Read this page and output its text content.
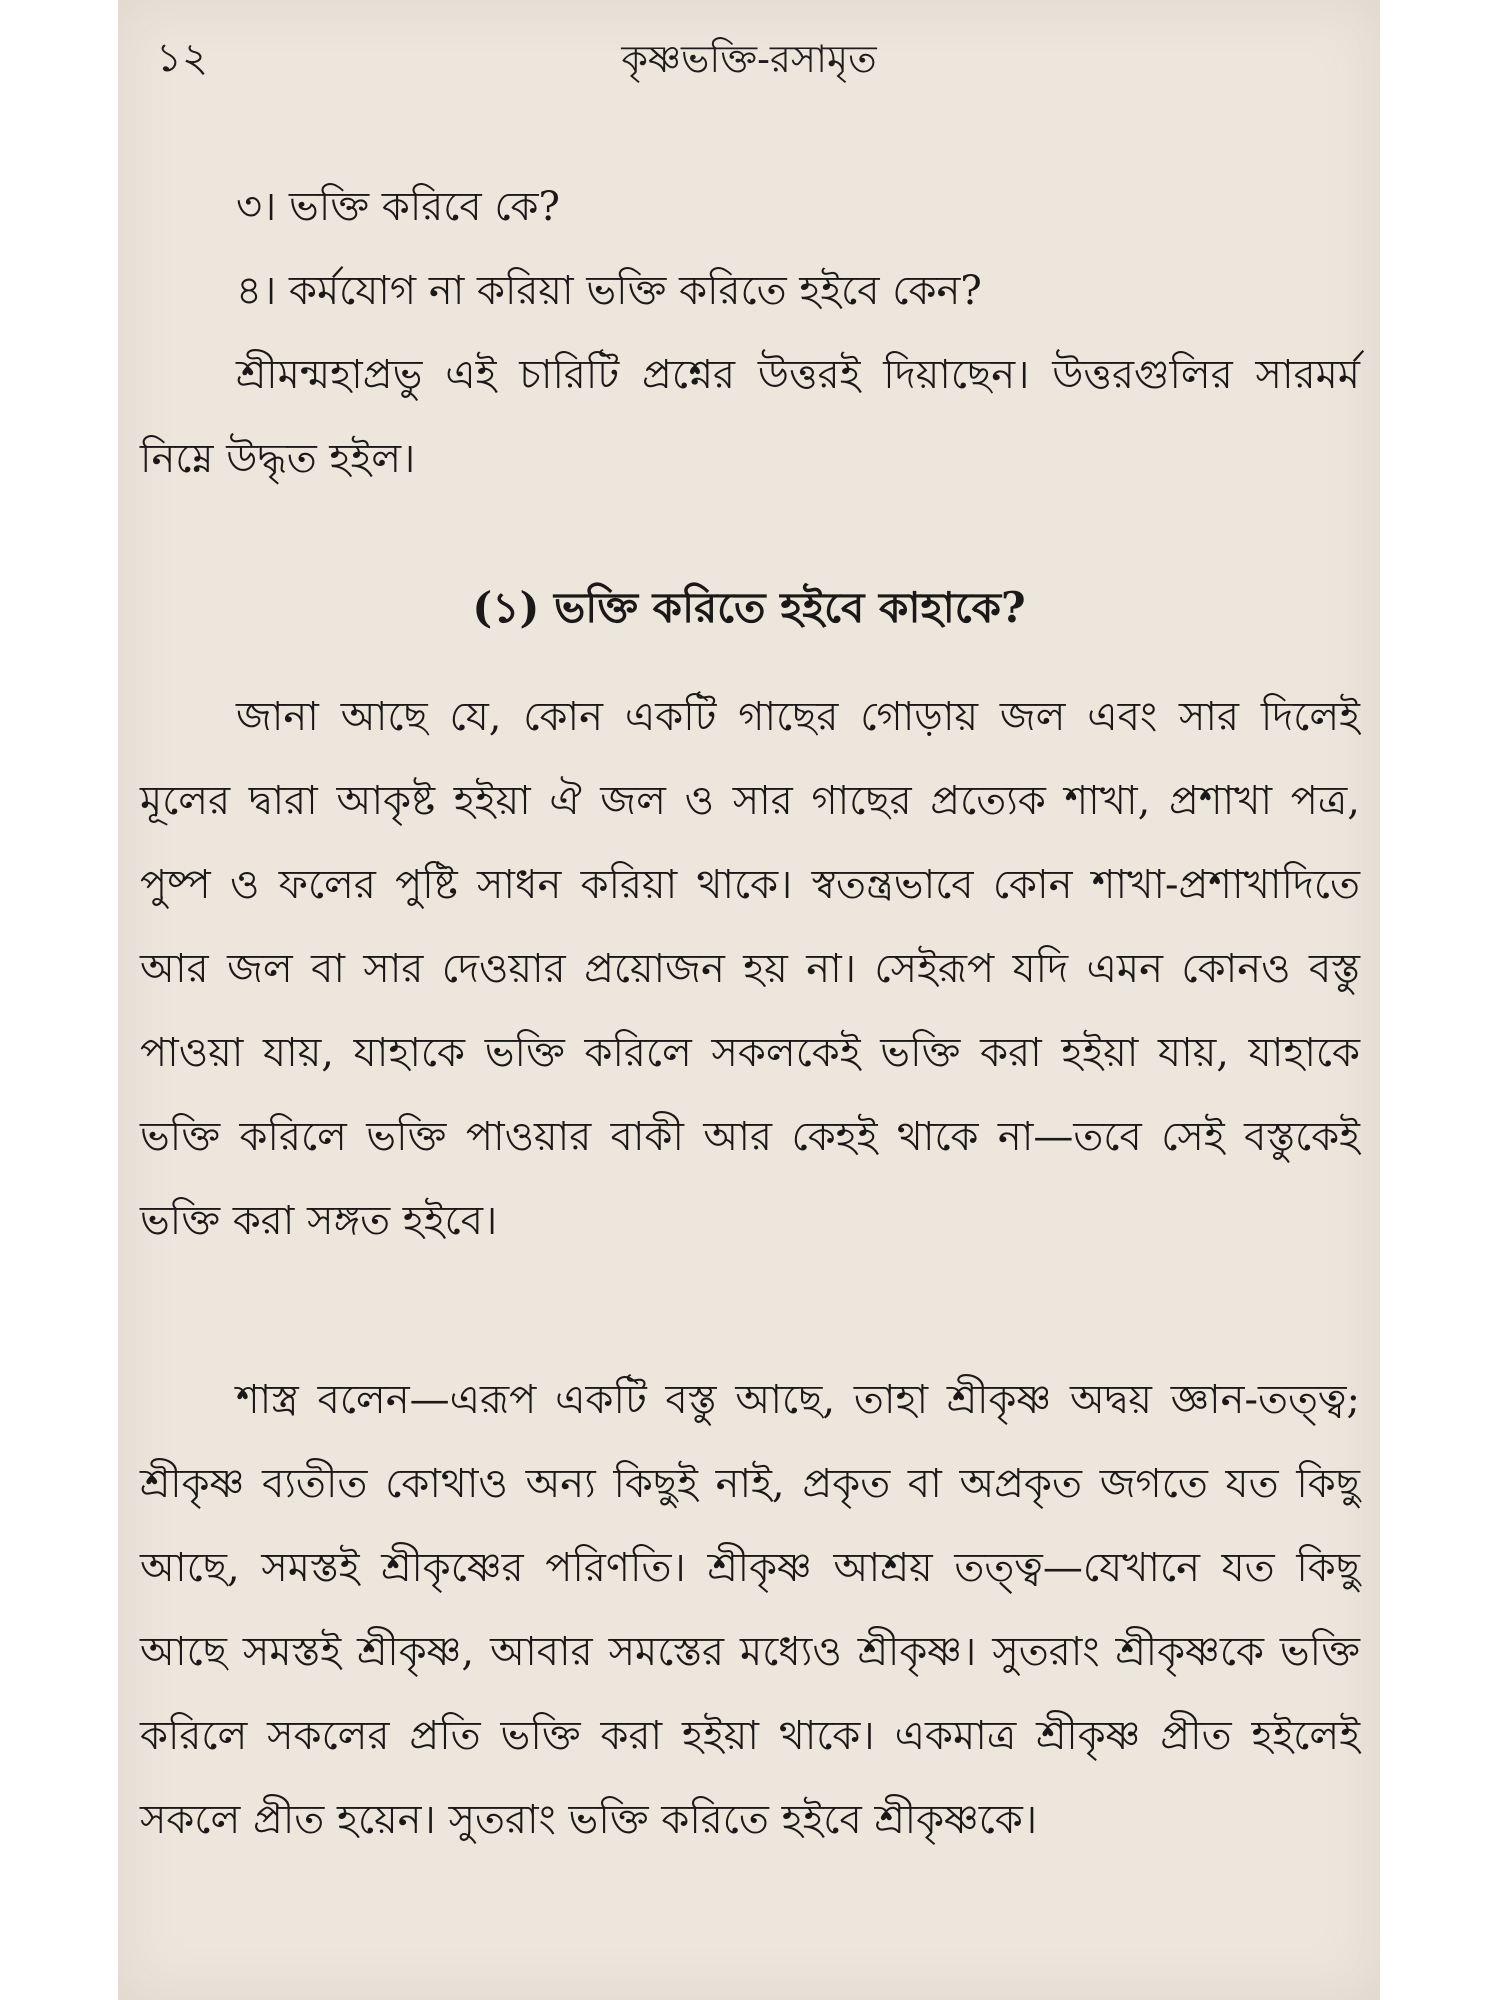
১২	কৃষ্ণভক্তি-রসামৃত

৩। ভক্তি করিবে কে?

৪। কর্মযোগ না করিয়া ভক্তি করিতে হইবে কেন?

শ্রীমন্মহাপ্রভু এই চারিটি প্রশ্নের উত্তরই দিয়াছেন। উত্তরগুলির সারমর্ম নিম্নে উদ্ধৃত হইল।

(১) ভক্তি করিতে হইবে কাহাকে?

জানা আছে যে, কোন একটি গাছের গোড়ায় জল এবং সার দিলেই মূলের দ্বারা আকৃষ্ট হইয়া ঐ জল ও সার গাছের প্রত্যেক শাখা, প্রশাখা পত্র, পুষ্প ও ফলের পুষ্টি সাধন করিয়া থাকে। স্বতন্ত্রভাবে কোন শাখা-প্রশাখাদিতে আর জল বা সার দেওয়ার প্রয়োজন হয় না। সেইরূপ যদি এমন কোনও বস্তু পাওয়া যায়, যাহাকে ভক্তি করিলে সকলকেই ভক্তি করা হইয়া যায়, যাহাকে ভক্তি করিলে ভক্তি পাওয়ার বাকী আর কেহই থাকে না—তবে সেই বস্তুকেই ভক্তি করা সঙ্গত হইবে।

শাস্ত্র বলেন—এরূপ একটি বস্তু আছে, তাহা শ্রীকৃষ্ণ অদ্বয় জ্ঞান-তত্ত্ব; শ্রীকৃষ্ণ ব্যতীত কোথাও অন্য কিছুই নাই, প্রকৃত বা অপ্রকৃত জগতে যত কিছু আছে, সমস্তই শ্রীকৃষ্ণের পরিণতি। শ্রীকৃষ্ণ আশ্রয় তত্ত্ব—যেখানে যত কিছু আছে সমস্তই শ্রীকৃষ্ণ, আবার সমস্তের মধ্যেও শ্রীকৃষ্ণ। সুতরাং শ্রীকৃষ্ণকে ভক্তি করিলে সকলের প্রতি ভক্তি করা হইয়া থাকে। একমাত্র শ্রীকৃষ্ণ প্রীত হইলেই সকলে প্রীত হয়েন। সুতরাং ভক্তি করিতে হইবে শ্রীকৃষ্ণকে।
